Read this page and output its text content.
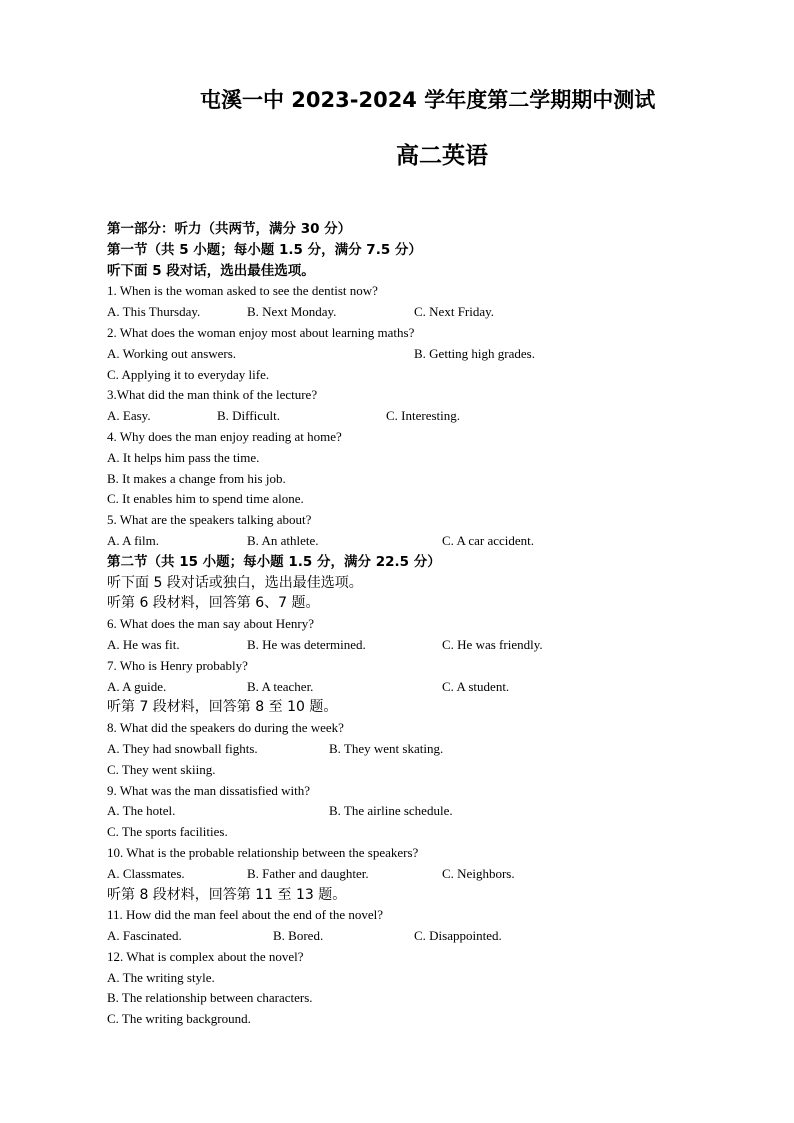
屯溪一中 2023-2024 学年度第二学期期中测试
高二英语
第一部分：听力（共两节，满分 30 分）
第一节（共 5 小题；每小题 1.5 分，满分 7.5 分）
听下面 5 段对话，选出最佳选项。
1. When is the woman asked to see the dentist now?
A. This Thursday.	B. Next Monday.	C. Next Friday.
2. What does the woman enjoy most about learning maths?
A. Working out answers.	B. Getting high grades.
C. Applying it to everyday life.
3.What did the man think of the lecture?
A. Easy.	B. Difficult.	C. Interesting.
4. Why does the man enjoy reading at home?
A. It helps him pass the time.
B. It makes a change from his job.
C. It enables him to spend time alone.
5. What are the speakers talking about?
A. A film.	B. An athlete.	C. A car accident.
第二节（共 15 小题；每小题 1.5 分，满分 22.5 分）
听下面 5 段对话或独白，选出最佳选项。
听第 6 段材料，回答第 6、7 题。
6. What does the man say about Henry?
A. He was fit.	B. He was determined.	C. He was friendly.
7. Who is Henry probably?
A. A guide.	B. A teacher.	C. A student.
听第 7 段材料，回答第 8 至 10 题。
8. What did the speakers do during the week?
A. They had snowball fights.	B. They went skating.
C. They went skiing.
9. What was the man dissatisfied with?
A. The hotel.	B. The airline schedule.
C. The sports facilities.
10. What is the probable relationship between the speakers?
A. Classmates.	B. Father and daughter.	C. Neighbors.
听第 8 段材料，回答第 11 至 13 题。
11. How did the man feel about the end of the novel?
A. Fascinated.	B. Bored.	C. Disappointed.
12. What is complex about the novel?
A. The writing style.
B. The relationship between characters.
C. The writing background.
